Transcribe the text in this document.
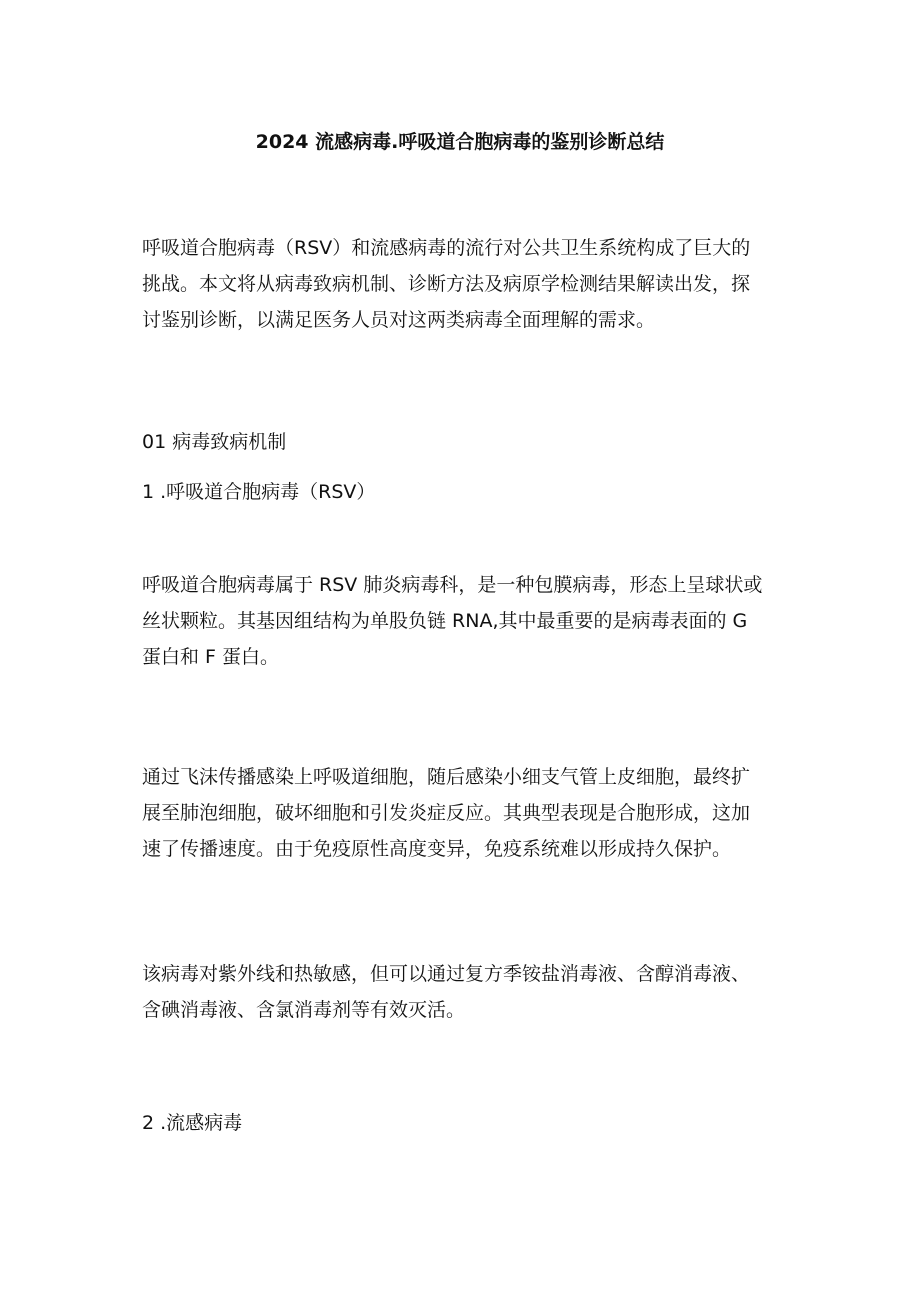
2024 流感病毒.呼吸道合胞病毒的鉴别诊断总结
呼吸道合胞病毒（RSV）和流感病毒的流行对公共卫生系统构成了巨大的
挑战。本文将从病毒致病机制、诊断方法及病原学检测结果解读出发，探
讨鉴别诊断，以满足医务人员对这两类病毒全面理解的需求。
01 病毒致病机制
1 .呼吸道合胞病毒（RSV）
呼吸道合胞病毒属于 RSV 肺炎病毒科，是一种包膜病毒，形态上呈球状或
丝状颗粒。其基因组结构为单股负链 RNA,其中最重要的是病毒表面的 G
蛋白和 F 蛋白。
通过飞沫传播感染上呼吸道细胞，随后感染小细支气管上皮细胞，最终扩
展至肺泡细胞，破坏细胞和引发炎症反应。其典型表现是合胞形成，这加
速了传播速度。由于免疫原性高度变异，免疫系统难以形成持久保护。
该病毒对紫外线和热敏感，但可以通过复方季铵盐消毒液、含醇消毒液、
含碘消毒液、含氯消毒剂等有效灭活。
2 .流感病毒
